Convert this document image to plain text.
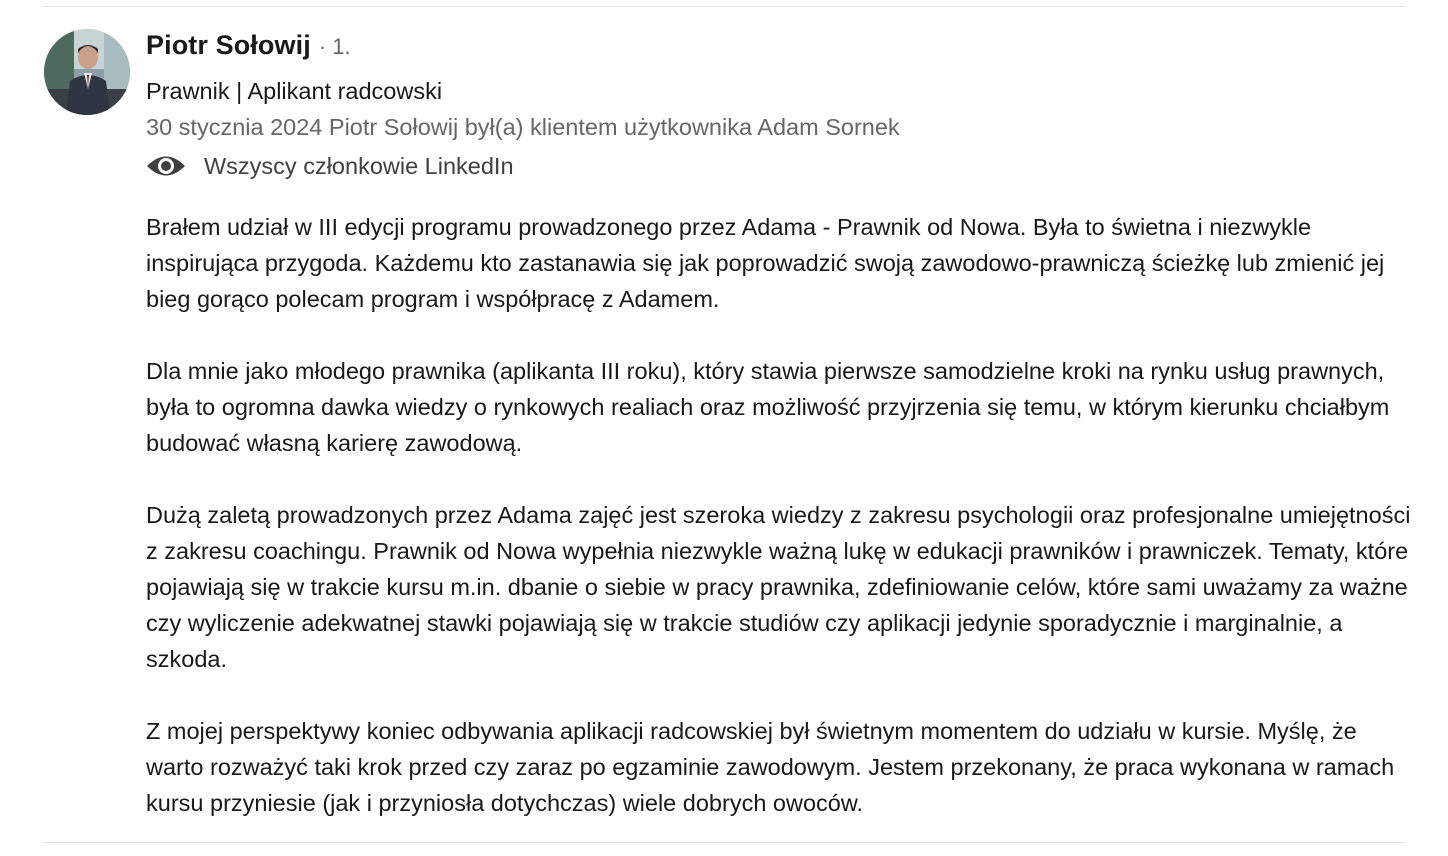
Piotr Sołowij · 1.
Prawnik | Aplikant radcowski
30 stycznia 2024 Piotr Sołowij był(a) klientem użytkownika Adam Sornek
Wszyscy członkowie LinkedIn

Brałem udział w III edycji programu prowadzonego przez Adama - Prawnik od Nowa. Była to świetna i niezwykle inspirująca przygoda. Każdemu kto zastanawia się jak poprowadzić swoją zawodowo-prawniczą ścieżkę lub zmienić jej bieg gorąco polecam program i współpracę z Adamem.

Dla mnie jako młodego prawnika (aplikanta III roku), który stawia pierwsze samodzielne kroki na rynku usług prawnych, była to ogromna dawka wiedzy o rynkowych realiach oraz możliwość przyjrzenia się temu, w którym kierunku chciałbym budować własną karierę zawodową.

Dużą zaletą prowadzonych przez Adama zajęć jest szeroka wiedzy z zakresu psychologii oraz profesjonalne umiejętności z zakresu coachingu. Prawnik od Nowa wypełnia niezwykle ważną lukę w edukacji prawników i prawniczek. Tematy, które pojawiają się w trakcie kursu m.in. dbanie o siebie w pracy prawnika, zdefiniowanie celów, które sami uważamy za ważne czy wyliczenie adekwatnej stawki pojawiają się w trakcie studiów czy aplikacji jedynie sporadycznie i marginalnie, a szkoda.

Z mojej perspektywy koniec odbywania aplikacji radcowskiej był świetnym momentem do udziału w kursie. Myślę, że warto rozważyć taki krok przed czy zaraz po egzaminie zawodowym. Jestem przekonany, że praca wykonana w ramach kursu przyniesie (jak i przyniosła dotychczas) wiele dobrych owoców.
